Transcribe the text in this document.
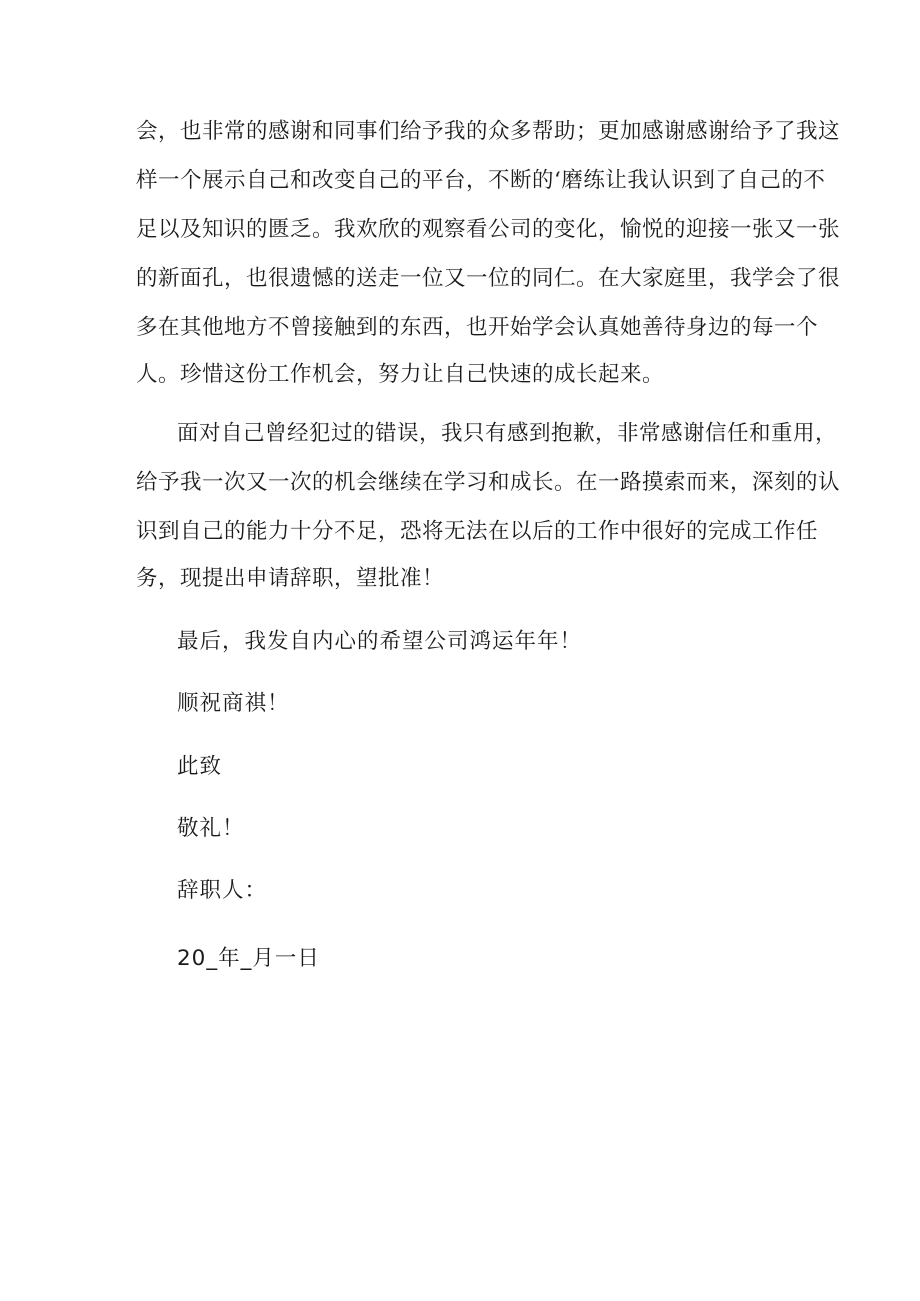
会，也非常的感谢和同事们给予我的众多帮助；更加感谢感谢给予了我这
样一个展示自己和改变自己的平台，不断的‘磨练让我认识到了自己的不
足以及知识的匮乏。我欢欣的观察看公司的变化，愉悦的迎接一张又一张
的新面孔，也很遗憾的送走一位又一位的同仁。在大家庭里，我学会了很
多在其他地方不曾接触到的东西，也开始学会认真她善待身边的每一个
人。珍惜这份工作机会，努力让自己快速的成长起来。
面对自己曾经犯过的错误，我只有感到抱歉，非常感谢信任和重用，
给予我一次又一次的机会继续在学习和成长。在一路摸索而来，深刻的认
识到自己的能力十分不足，恐将无法在以后的工作中很好的完成工作任
务，现提出申请辞职，望批准！
最后，我发自内心的希望公司鸿运年年！
顺祝商祺！
此致
敬礼！
辞职人：
20_年_月一日
